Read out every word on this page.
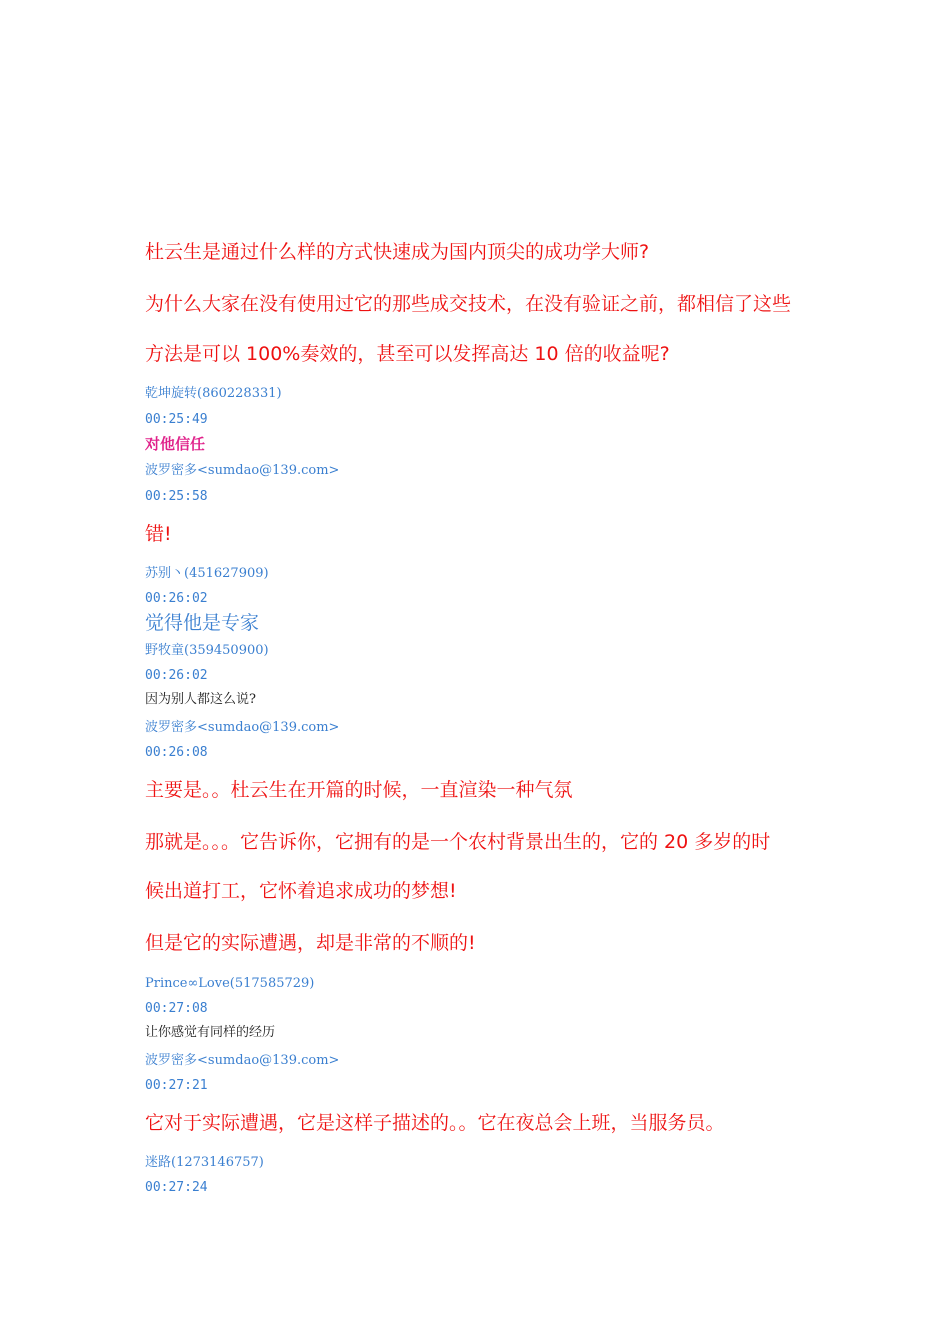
杜云生是通过什么样的方式快速成为国内顶尖的成功学大师?
为什么大家在没有使用过它的那些成交技术，在没有验证之前，都相信了这些
方法是可以 100%奏效的，甚至可以发挥高达 10 倍的收益呢?
乾坤旋转(860228331)
00:25:49
对他信任
波罗密多<sumdao@139.com>
00:25:58
错!
苏别丶(451627909)
00:26:02
觉得他是专家
野牧童(359450900)
00:26:02
因为别人都这么说?
波罗密多<sumdao@139.com>
00:26:08
主要是。。杜云生在开篇的时候，一直渲染一种气氛
那就是。。。它告诉你，它拥有的是一个农村背景出生的，它的 20 多岁的时
候出道打工，它怀着追求成功的梦想!
但是它的实际遭遇，却是非常的不顺的!
Prince∞Love(517585729)
00:27:08
让你感觉有同样的经历
波罗密多<sumdao@139.com>
00:27:21
它对于实际遭遇，它是这样子描述的。。它在夜总会上班，当服务员。
迷路(1273146757)
00:27:24
